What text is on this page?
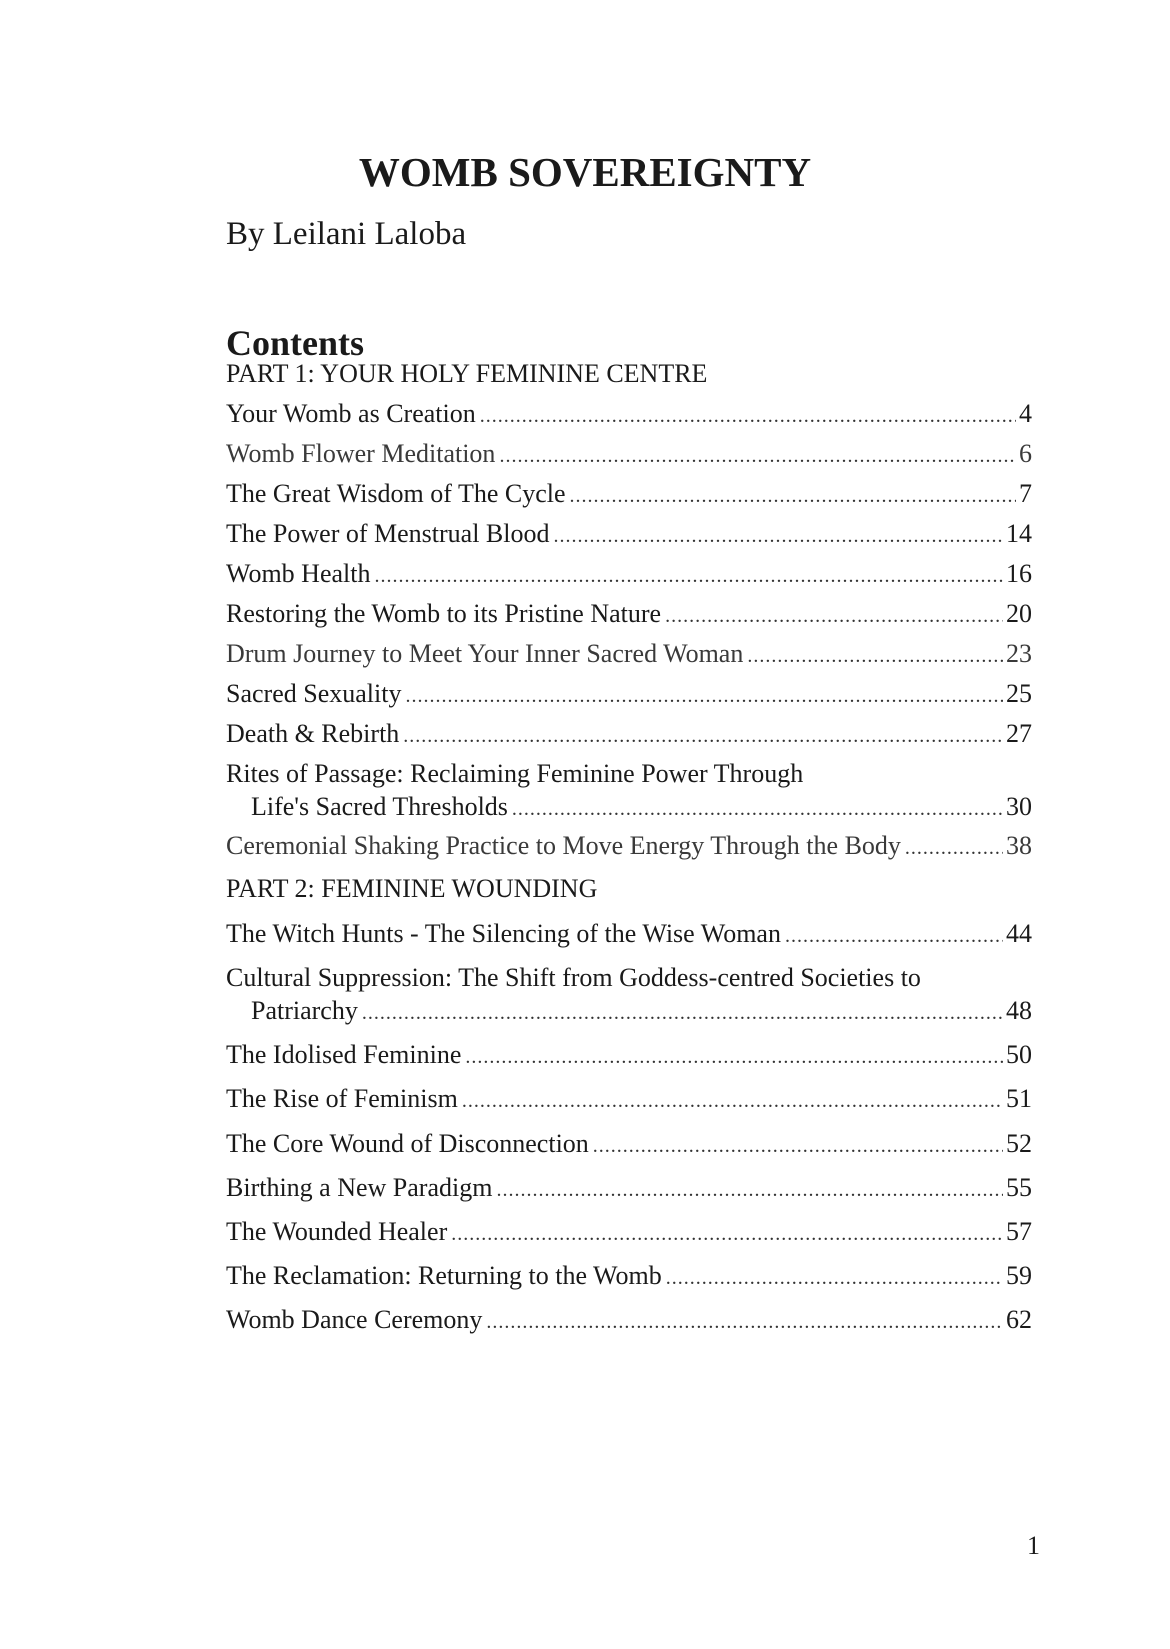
WOMB SOVEREIGNTY

By Leilani Laloba

Contents
PART 1: YOUR HOLY FEMININE CENTRE
Your Womb as Creation . . .	4
Womb Flower Meditation . . .	6
The Great Wisdom of The Cycle . . .	7
The Power of Menstrual Blood . . .	14
Womb Health . . .	16
Restoring the Womb to its Pristine Nature . . .	20
Drum Journey to Meet Your Inner Sacred Woman . . .	23
Sacred Sexuality . . .	25
Death & Rebirth . . .	27
Rites of Passage: Reclaiming Feminine Power Through
Life's Sacred Thresholds . . .	30
Ceremonial Shaking Practice to Move Energy Through the Body . . .	38
PART 2: FEMININE WOUNDING
The Witch Hunts - The Silencing of the Wise Woman . . .	44
Cultural Suppression: The Shift from Goddess-centred Societies to
Patriarchy . . .	48
The Idolised Feminine . . .	50
The Rise of Feminism . . .	51
The Core Wound of Disconnection . . .	52
Birthing a New Paradigm . . .	55
The Wounded Healer . . .	57
The Reclamation: Returning to the Womb . . .	59
Womb Dance Ceremony . . .	62

1
